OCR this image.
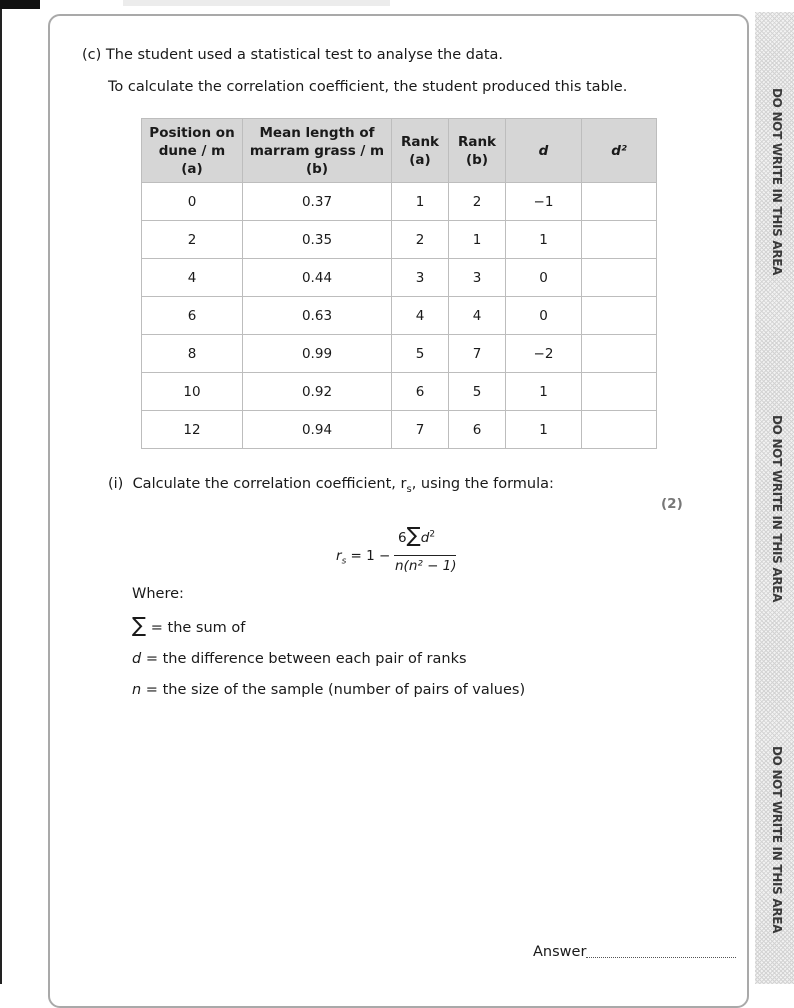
DO NOT WRITE IN THIS AREA
DO NOT WRITE IN THIS AREA
DO NOT WRITE IN THIS AREA
(c) The student used a statistical test to analyse the data.
To calculate the correlation coefficient, the student produced this table.
Position on
dune / m
(a)	Mean length of
marram grass / m
(b)	Rank
(a)	Rank
(b)	d	d²
0	0.37	1	2	−1	
2	0.35	2	1	1	
4	0.44	3	3	0	
6	0.63	4	4	0	
8	0.99	5	7	−2	
10	0.92	6	5	1	
12	0.94	7	6	1	
(i) Calculate the correlation coefficient, $r_s$, using the formula:
(2)
$r_s = 1$ −
$6\sum d^2$
n(n² − 1)
Where:
∑ = the sum of
d = the difference between each pair of ranks
n = the size of the sample (number of pairs of values)
Answer
